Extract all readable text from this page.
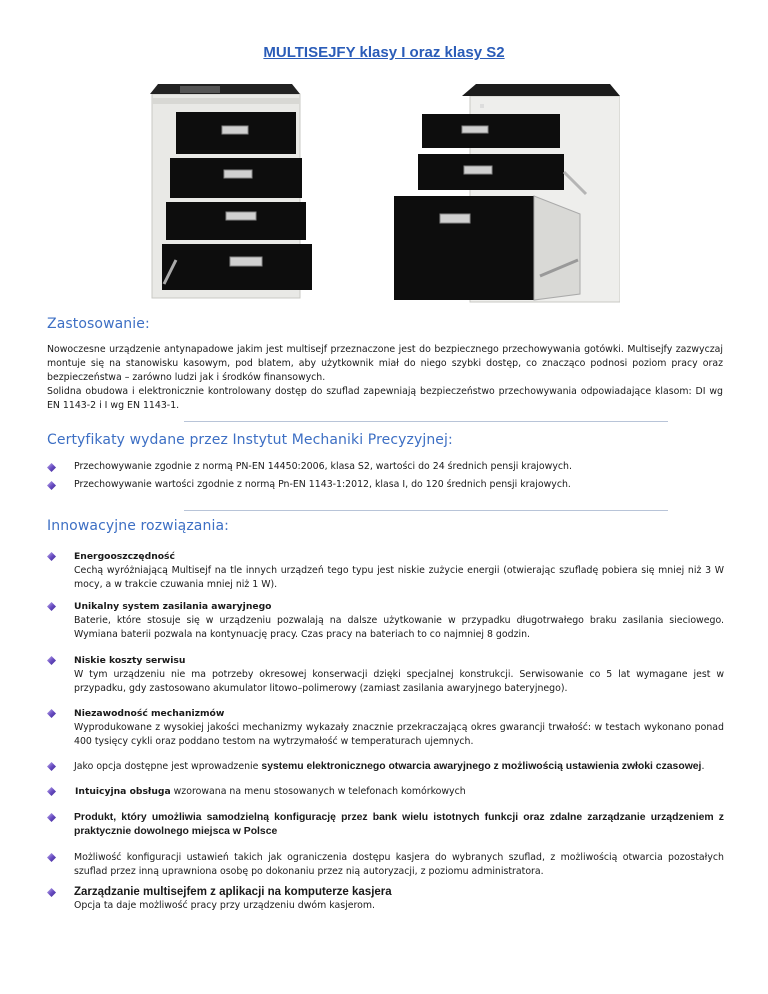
MULTISEJFY klasy I oraz klasy S2
Zastosowanie:

Nowoczesne urządzenie antynapadowe jakim jest multisejf przeznaczone jest do bezpiecznego przechowywania gotówki. Multisejfy zazwyczaj montuje się na stanowisku kasowym, pod blatem, aby użytkownik miał do niego szybki dostęp, co znacząco podnosi poziom pracy oraz bezpieczeństwa – zarówno ludzi jak i środków finansowych.

Solidna obudowa i elektronicznie kontrolowany dostęp do szuflad zapewniają bezpieczeństwo przechowywania odpowiadające klasom: DI wg EN 1143-2 i I wg EN 1143-1.

Certyfikaty wydane przez Instytut Mechaniki Precyzyjnej:
Przechowywanie zgodnie z normą PN-EN 14450:2006, klasa S2, wartości do 24 średnich pensji krajowych.
Przechowywanie wartości zgodnie z normą Pn-EN 1143-1:2012, klasa I, do 120 średnich pensji krajowych.
Innowacyjne rozwiązania:
Energooszczędność
Cechą wyróżniającą Multisejf na tle innych urządzeń tego typu jest niskie zużycie energii (otwierając szufladę pobiera się mniej niż 3 W mocy, a w trakcie czuwania mniej niż 1 W).
Unikalny system zasilania awaryjnego
Baterie, które stosuje się w urządzeniu pozwalają na dalsze użytkowanie w przypadku długotrwałego braku zasilania sieciowego. Wymiana baterii pozwala na kontynuację pracy. Czas pracy na bateriach to co najmniej 8 godzin.
Niskie koszty serwisu
W tym urządzeniu nie ma potrzeby okresowej konserwacji dzięki specjalnej konstrukcji. Serwisowanie co 5 lat wymagane jest w przypadku, gdy zastosowano akumulator litowo–polimerowy (zamiast zasilania awaryjnego bateryjnego).
Niezawodność mechanizmów
Wyprodukowane z wysokiej jakości mechanizmy wykazały znacznie przekraczającą okres gwarancji trwałość: w testach wykonano ponad 400 tysięcy cykli oraz poddano testom na wytrzymałość w temperaturach ujemnych.
Jako opcja dostępne jest wprowadzenie systemu elektronicznego otwarcia awaryjnego z możliwością ustawienia zwłoki czasowej.
Intuicyjna obsługa wzorowana na menu stosowanych w telefonach komórkowych
Produkt, który umożliwia samodzielną konfigurację przez bank wielu istotnych funkcji oraz zdalne zarządzanie urządzeniem z praktycznie dowolnego miejsca w Polsce
Możliwość konfiguracji ustawień takich jak ograniczenia dostępu kasjera do wybranych szuflad, z możliwością otwarcia pozostałych szuflad przez inną uprawniona osobę po dokonaniu przez nią autoryzacji, z poziomu administratora.
Zarządzanie multisejfem z aplikacji na komputerze kasjera
Opcja ta daje możliwość pracy przy urządzeniu dwóm kasjerom.
